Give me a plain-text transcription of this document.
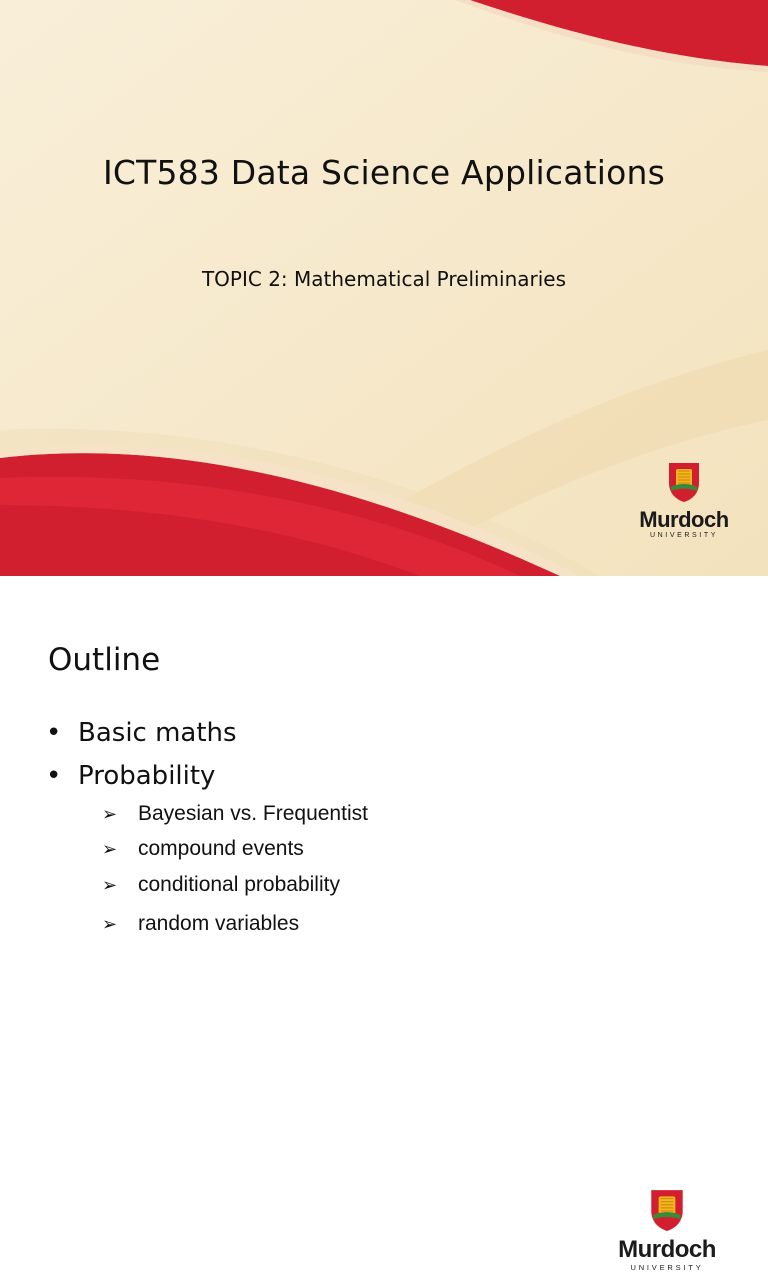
ICT583 Data Science Applications
TOPIC 2: Mathematical Preliminaries
Murdoch
UNIVERSITY
Murdoch
UNIVERSITY
Outline
• Basic maths
• Probability
➢ Bayesian vs. Frequentist
➢ compound events
➢ conditional probability
➢ random variables
